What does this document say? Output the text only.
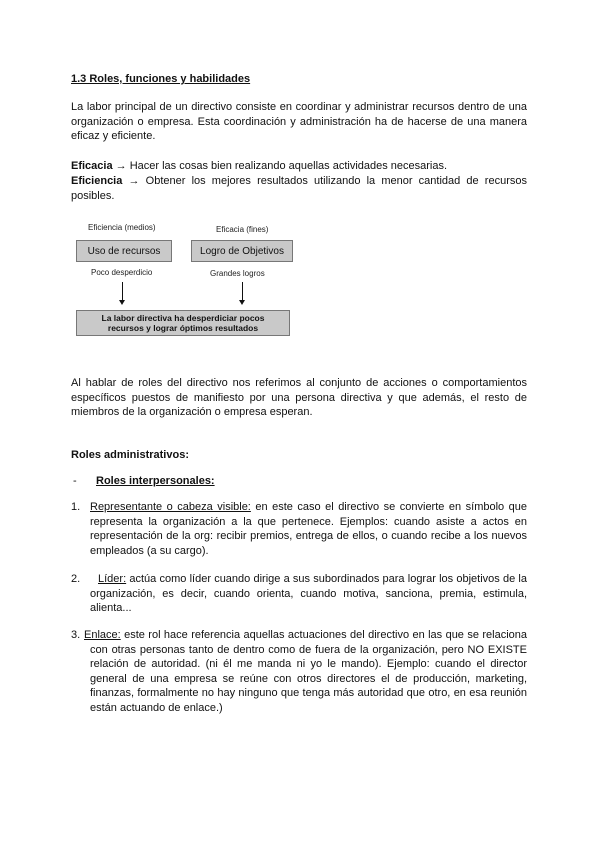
1.3 Roles, funciones y habilidades
La labor principal de un directivo consiste en coordinar y administrar recursos dentro de una organización o empresa. Esta coordinación y administración ha de hacerse de una manera eficaz y eficiente.
Eficacia → Hacer las cosas bien realizando aquellas actividades necesarias.
Eficiencia → Obtener los mejores resultados utilizando la menor cantidad de recursos posibles.
Eficiencia (medios)	Eficacia (fines)
Uso de recursos	Logro de Objetivos
Poco desperdicio	Grandes logros
La labor directiva ha desperdiciar pocos recursos y lograr óptimos resultados
Al hablar de roles del directivo nos referimos al conjunto de acciones o comportamientos específicos puestos de manifiesto por una persona directiva y que además, el resto de miembros de la organización o empresa esperan.
Roles administrativos:
- Roles interpersonales:
1. Representante o cabeza visible: en este caso el directivo se convierte en símbolo que representa la organización a la que pertenece. Ejemplos: cuando asiste a actos en representación de la org: recibir premios, entrega de ellos, o cuando recibe a los nuevos empleados (a su cargo).
2.	Líder: actúa como líder cuando dirige a sus subordinados para lograr los objetivos de la organización, es decir, cuando orienta, cuando motiva, sanciona, premia, estimula, alienta...
3. Enlace: este rol hace referencia aquellas actuaciones del directivo en las que se relaciona con otras personas tanto de dentro como de fuera de la organización, pero NO EXISTE relación de autoridad. (ni él me manda ni yo le mando). Ejemplo: cuando el director general de una empresa se reúne con otros directores el de producción, marketing, finanzas, formalmente no hay ninguno que tenga más autoridad que otro, en esa reunión están actuando de enlace.)
